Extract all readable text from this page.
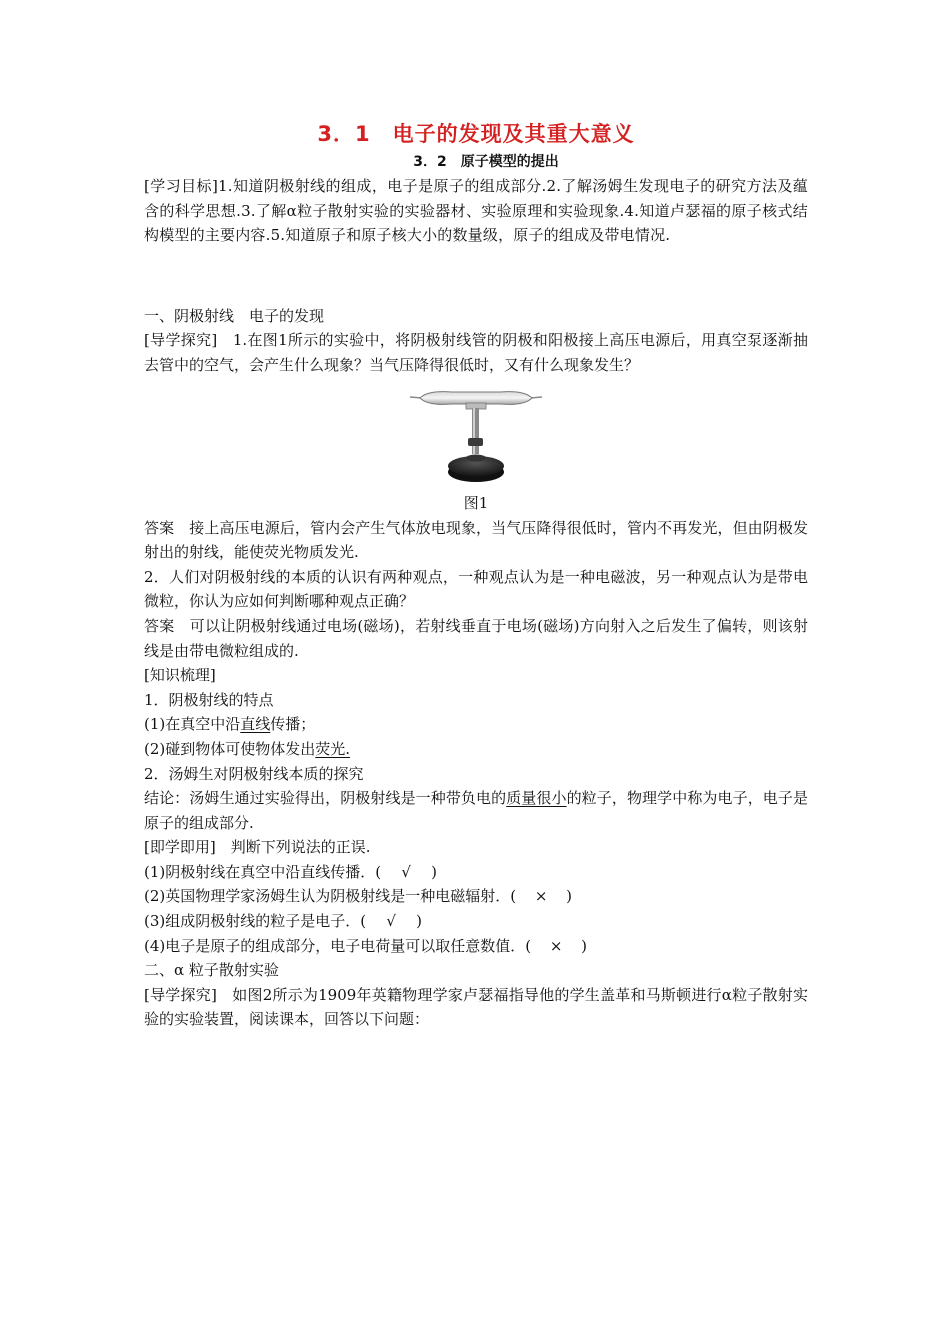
3．1　电子的发现及其重大意义
3．2　原子模型的提出

[学习目标]1.知道阴极射线的组成，电子是原子的组成部分.2.了解汤姆生发现电子的研究方法及蕴含的科学思想.3.了解α粒子散射实验的实验器材、实验原理和实验现象.4.知道卢瑟福的原子核式结构模型的主要内容.5.知道原子和原子核大小的数量级，原子的组成及带电情况.

一、阴极射线　电子的发现

[导学探究]　 1.在图1所示的实验中，将阴极射线管的阴极和阳极接上高压电源后，用真空泵逐渐抽去管中的空气，会产生什么现象？当气压降得很低时，又有什么现象发生？

图1

答案　 接上高压电源后，管内会产生气体放电现象，当气压降得很低时，管内不再发光，但由阴极发射出的射线，能使荧光物质发光.

2．人们对阴极射线的本质的认识有两种观点，一种观点认为是一种电磁波，另一种观点认为是带电微粒，你认为应如何判断哪种观点正确？

答案　 可以让阴极射线通过电场(磁场)，若射线垂直于电场(磁场)方向射入之后发生了偏转，则该射线是由带电微粒组成的.

[知识梳理]

1．阴极射线的特点

(1)在真空中沿直线传播；

(2)碰到物体可使物体发出荧光.

2．汤姆生对阴极射线本质的探究

结论：汤姆生通过实验得出，阴极射线是一种带负电的质量很小的粒子，物理学中称为电子，电子是原子的组成部分.

[即学即用]　 判断下列说法的正误.

(1)阴极射线在真空中沿直线传播．(　 √　 )

(2)英国物理学家汤姆生认为阴极射线是一种电磁辐射．(　 ×　 )

(3)组成阴极射线的粒子是电子．(　 √　 )

(4)电子是原子的组成部分，电子电荷量可以取任意数值．(　 ×　 )

二、α 粒子散射实验

[导学探究]　 如图2所示为1909年英籍物理学家卢瑟福指导他的学生盖革和马斯顿进行α粒子散射实验的实验装置，阅读课本，回答以下问题：
